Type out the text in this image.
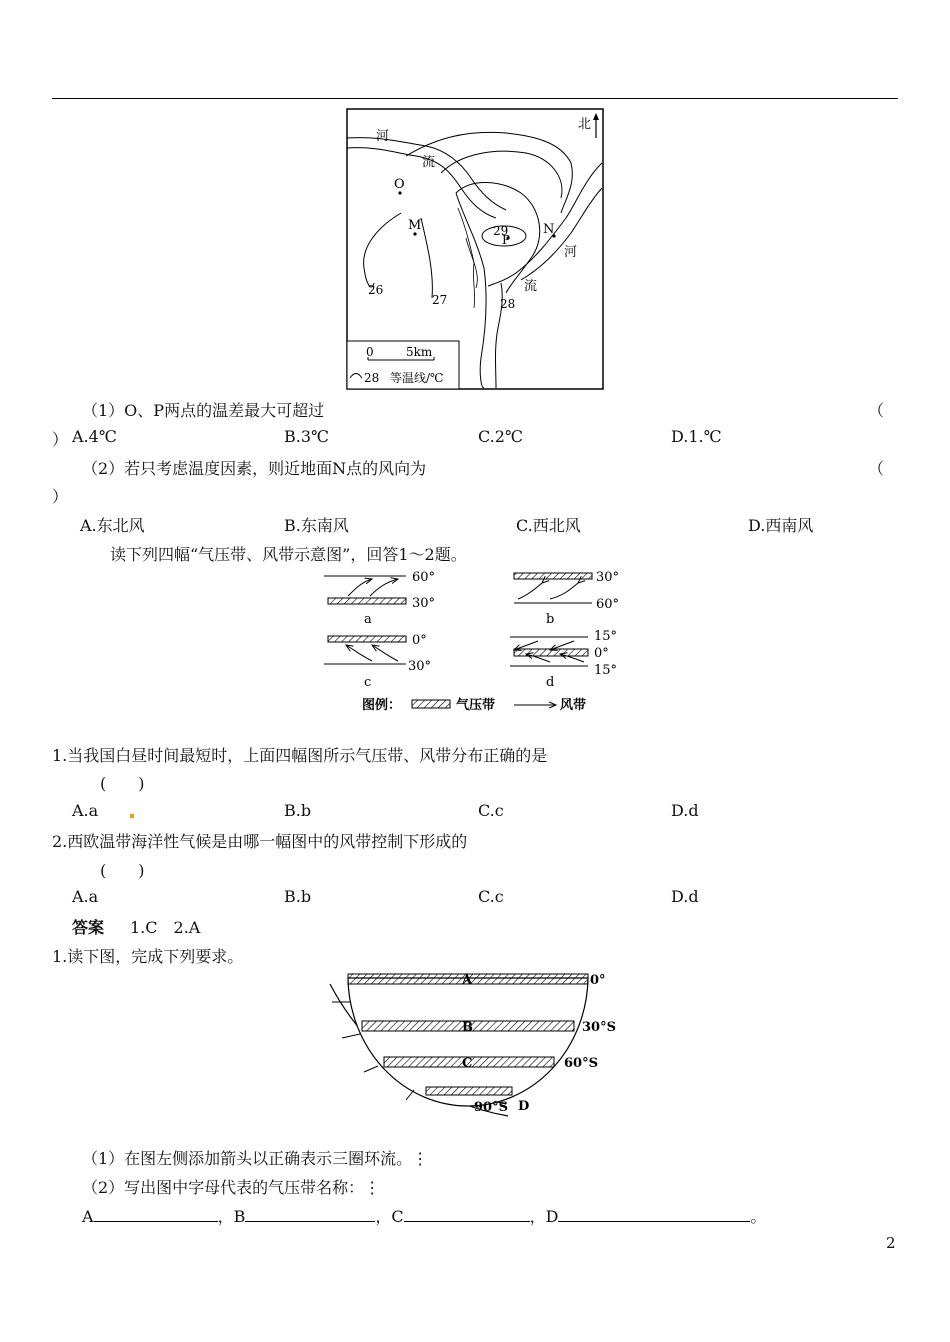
北
河
流
河
流
O
M
P
N
26
27	28
29
0	5km
28 等温线/℃
（1）O、P两点的温差最大可超过	（
） A.4℃	B.3℃	C.2℃	D.1.℃
（2）若只考虑温度因素，则近地面N点的风向为	（
）
A.东北风	B.东南风	C.西北风	D.西南风
读下列四幅“气压带、风带示意图”，回答1～2题。
60°
30°
a
30°
60°
b
0°
30°
c
15°
0°
15°
d
图例：	气压带	风带
1.当我国白昼时间最短时，上面四幅图所示气压带、风带分布正确的是
(　　)
A.a	B.b	C.c	D.d
2.西欧温带海洋性气候是由哪一幅图中的风带控制下形成的
(　　)
A.a	B.b	C.c	D.d
答案 1.C　2.A
1.读下图，完成下列要求。
A
B
C
D
0°
30°S
60°S
90°S
（1）在图左侧添加箭头以正确表示三圈环流。⋮
（2）写出图中字母代表的气压带名称：⋮
A	，B	，C	，D	。
2
